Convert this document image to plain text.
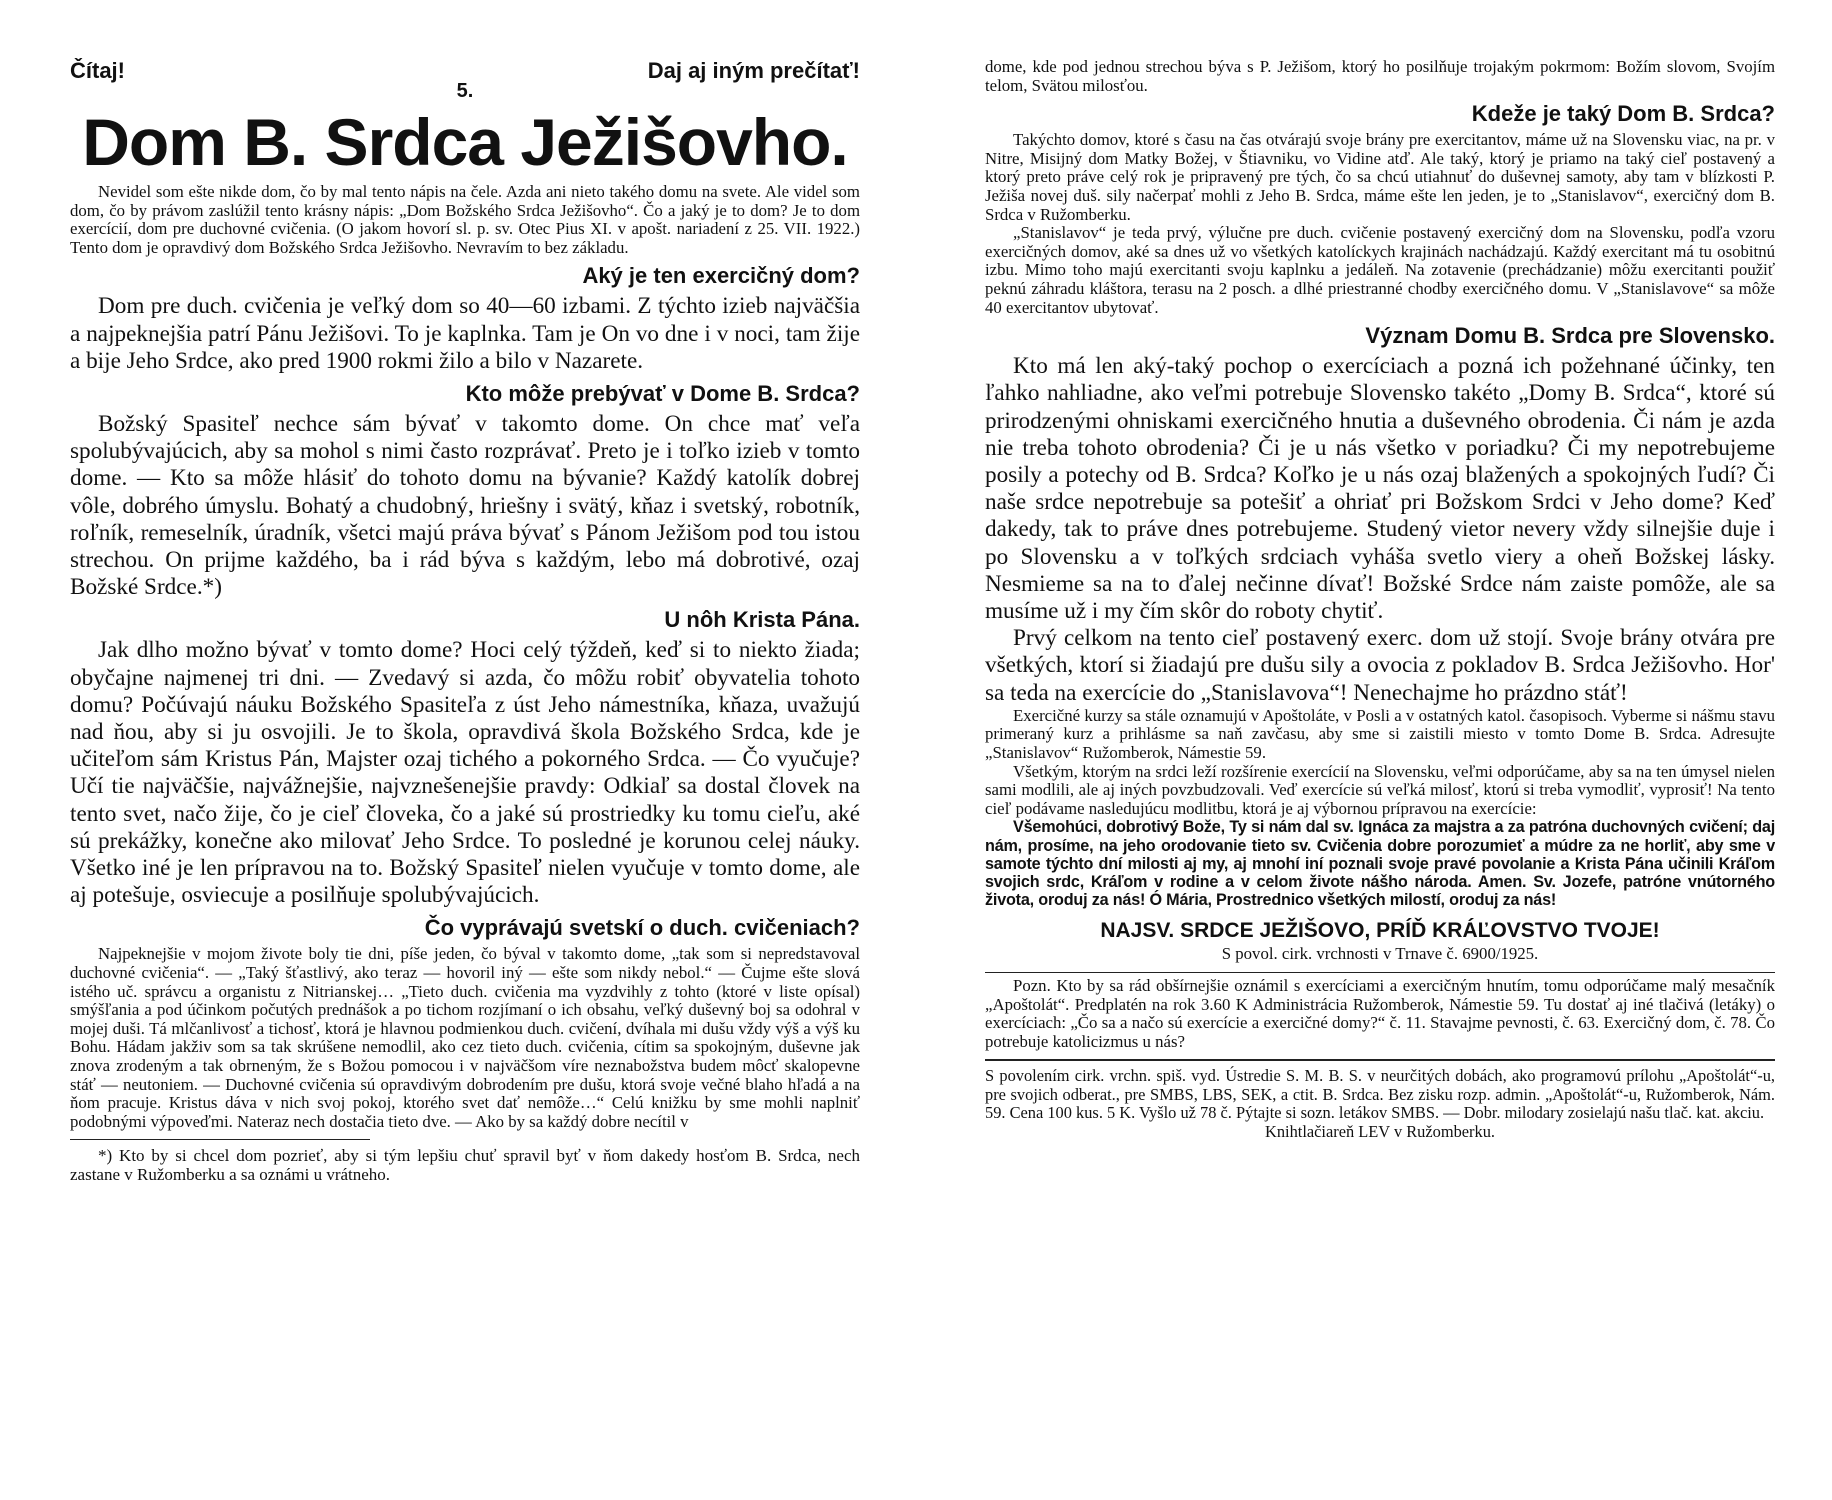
Čítaj!	Daj aj iným prečítať!
5.
Dom B. Srdca Ježišovho.

Nevidel som ešte nikde dom, čo by mal tento nápis na čele. Azda ani nieto takého domu na svete. Ale videl som dom, čo by právom zaslúžil tento krásny nápis: „Dom Božského Srdca Ježišovho“. Čo a jaký je to dom? Je to dom exercícií, dom pre duchovné cvičenia. (O jakom hovorí sl. p. sv. Otec Pius XI. v apošt. nariadení z 25. VII. 1922.) Tento dom je opravdivý dom Božského Srdca Ježišovho. Nevravím to bez základu.

Aký je ten exercičný dom?

Dom pre duch. cvičenia je veľký dom so 40—60 izbami. Z týchto izieb najväčšia a najpeknejšia patrí Pánu Ježišovi. To je kaplnka. Tam je On vo dne i v noci, tam žije a bije Jeho Srdce, ako pred 1900 rokmi žilo a bilo v Nazarete.

Kto môže prebývať v Dome B. Srdca?

Božský Spasiteľ nechce sám bývať v takomto dome. On chce mať veľa spolubývajúcich, aby sa mohol s nimi často rozprávať. Preto je i toľko izieb v tomto dome. — Kto sa môže hlásiť do tohoto domu na bývanie? Každý katolík dobrej vôle, dobrého úmyslu. Bohatý a chudobný, hriešny i svätý, kňaz i svetský, robotník, roľník, remeselník, úradník, všetci majú práva bývať s Pánom Ježišom pod tou istou strechou. On prijme každého, ba i rád býva s každým, lebo má dobrotivé, ozaj Božské Srdce.*)

U nôh Krista Pána.

Jak dlho možno bývať v tomto dome? Hoci celý týždeň, keď si to niekto žiada; obyčajne najmenej tri dni. — Zvedavý si azda, čo môžu robiť obyvatelia tohoto domu? Počúvajú náuku Božského Spasiteľa z úst Jeho námestníka, kňaza, uvažujú nad ňou, aby si ju osvojili. Je to škola, opravdivá škola Božského Srdca, kde je učiteľom sám Kristus Pán, Majster ozaj tichého a pokorného Srdca. — Čo vyučuje? Učí tie najväčšie, najvážnejšie, najvznešenejšie pravdy: Odkiaľ sa dostal človek na tento svet, načo žije, čo je cieľ človeka, čo a jaké sú prostriedky ku tomu cieľu, aké sú prekážky, konečne ako milovať Jeho Srdce. To posledné je korunou celej náuky. Všetko iné je len prípravou na to. Božský Spasiteľ nielen vyučuje v tomto dome, ale aj potešuje, osviecuje a posilňuje spolubývajúcich.

Čo vyprávajú svetskí o duch. cvičeniach?

Najpeknejšie v mojom živote boly tie dni, píše jeden, čo býval v takomto dome, „tak som si nepredstavoval duchovné cvičenia“. — „Taký šťastlivý, ako teraz — hovoril iný — ešte som nikdy nebol.“ — Čujme ešte slová istého uč. správcu a organistu z Nitrianskej… „Tieto duch. cvičenia ma vyzdvihly z tohto (ktoré v liste opísal) smýšľania a pod účinkom počutých prednášok a po tichom rozjímaní o ich obsahu, veľký duševný boj sa odohral v mojej duši. Tá mlčanlivosť a tichosť, ktorá je hlavnou podmienkou duch. cvičení, dvíhala mi dušu vždy výš a výš ku Bohu. Hádam jakživ som sa tak skrúšene nemodlil, ako cez tieto duch. cvičenia, cítim sa spokojným, duševne jak znova zrodeným a tak obrneným, že s Božou pomocou i v najväčšom víre neznabožstva budem môcť skalopevne stáť — neutoniem. — Duchovné cvičenia sú opravdivým dobrodením pre dušu, ktorá svoje večné blaho hľadá a na ňom pracuje. Kristus dáva v nich svoj pokoj, ktorého svet dať nemôže…“ Celú knižku by sme mohli naplniť podobnými výpoveďmi. Nateraz nech dostačia tieto dve. — Ako by sa každý dobre necítil v

*) Kto by si chcel dom pozrieť, aby si tým lepšiu chuť spravil byť v ňom dakedy hosťom B. Srdca, nech zastane v Ružomberku a sa oznámi u vrátneho.

dome, kde pod jednou strechou býva s P. Ježišom, ktorý ho posilňuje trojakým pokrmom: Božím slovom, Svojím telom, Svätou milosťou.

Kdeže je taký Dom B. Srdca?

Takýchto domov, ktoré s času na čas otvárajú svoje brány pre exercitantov, máme už na Slovensku viac, na pr. v Nitre, Misijný dom Matky Božej, v Štiavniku, vo Vidine atď. Ale taký, ktorý je priamo na taký cieľ postavený a ktorý preto práve celý rok je pripravený pre tých, čo sa chcú utiahnuť do duševnej samoty, aby tam v blízkosti P. Ježiša novej duš. sily načerpať mohli z Jeho B. Srdca, máme ešte len jeden, je to „Stanislavov“, exercičný dom B. Srdca v Ružomberku.

„Stanislavov“ je teda prvý, výlučne pre duch. cvičenie postavený exercičný dom na Slovensku, podľa vzoru exercičných domov, aké sa dnes už vo všetkých katolíckych krajinách nachádzajú. Každý exercitant má tu osobitnú izbu. Mimo toho majú exercitanti svoju kaplnku a jedáleň. Na zotavenie (prechádzanie) môžu exercitanti použiť peknú záhradu kláštora, terasu na 2 posch. a dlhé priestranné chodby exercičného domu. V „Stanislavove“ sa môže 40 exercitantov ubytovať.

Význam Domu B. Srdca pre Slovensko.

Kto má len aký-taký pochop o exercíciach a pozná ich požehnané účinky, ten ľahko nahliadne, ako veľmi potrebuje Slovensko takéto „Domy B. Srdca“, ktoré sú prirodzenými ohniskami exercičného hnutia a duševného obrodenia. Či nám je azda nie treba tohoto obrodenia? Či je u nás všetko v poriadku? Či my nepotrebujeme posily a potechy od B. Srdca? Koľko je u nás ozaj blažených a spokojných ľudí? Či naše srdce nepotrebuje sa potešiť a ohriať pri Božskom Srdci v Jeho dome? Keď dakedy, tak to práve dnes potrebujeme. Studený vietor nevery vždy silnejšie duje i po Slovensku a v toľkých srdciach vyháša svetlo viery a oheň Božskej lásky. Nesmieme sa na to ďalej nečinne dívať! Božské Srdce nám zaiste pomôže, ale sa musíme už i my čím skôr do roboty chytiť.

Prvý celkom na tento cieľ postavený exerc. dom už stojí. Svoje brány otvára pre všetkých, ktorí si žiadajú pre dušu sily a ovocia z pokladov B. Srdca Ježišovho. Hor' sa teda na exercície do „Stanislavova“! Nenechajme ho prázdno stáť!

Exercičné kurzy sa stále oznamujú v Apoštoláte, v Posli a v ostatných katol. časopisoch. Vyberme si nášmu stavu primeraný kurz a prihlásme sa naň zavčasu, aby sme si zaistili miesto v tomto Dome B. Srdca. Adresujte „Stanislavov“ Ružomberok, Námestie 59.

Všetkým, ktorým na srdci leží rozšírenie exercícií na Slovensku, veľmi odporúčame, aby sa na ten úmysel nielen sami modlili, ale aj iných povzbudzovali. Veď exercície sú veľká milosť, ktorú si treba vymodliť, vyprosiť! Na tento cieľ podávame nasledujúcu modlitbu, ktorá je aj výbornou prípravou na exercície:

Všemohúci, dobrotivý Bože, Ty si nám dal sv. Ignáca za majstra a za patróna duchovných cvičení; daj nám, prosíme, na jeho orodovanie tieto sv. Cvičenia dobre porozumieť a múdre za ne horliť, aby sme v samote týchto dní milosti aj my, aj mnohí iní poznali svoje pravé povolanie a Krista Pána učinili Kráľom svojich srdc, Kráľom v rodine a v celom živote nášho národa. Amen. Sv. Jozefe, patróne vnútorného života, oroduj za nás! Ó Mária, Prostrednico všetkých milostí, oroduj za nás!

NAJSV. SRDCE JEŽIŠOVO, PRÍĎ KRÁĽOVSTVO TVOJE!

S povol. cirk. vrchnosti v Trnave č. 6900/1925.

Pozn. Kto by sa rád obšírnejšie oznámil s exercíciami a exercičným hnutím, tomu odporúčame malý mesačník „Apoštolát“. Predplatén na rok 3.60 K Administrácia Ružomberok, Námestie 59. Tu dostať aj iné tlačivá (letáky) o exercíciach: „Čo sa a načo sú exercície a exercičné domy?“ č. 11. Stavajme pevnosti, č. 63. Exercičný dom, č. 78. Čo potrebuje katolicizmus u nás?

S povolením cirk. vrchn. spiš. vyd. Ústredie S. M. B. S. v neurčitých dobách, ako programovú prílohu „Apoštolát“-u, pre svojich odberat., pre SMBS, LBS, SEK, a ctit. B. Srdca. Bez zisku rozp. admin. „Apoštolát“-u, Ružomberok, Nám. 59. Cena 100 kus. 5 K. Vyšlo už 78 č. Pýtajte si sozn. letákov SMBS. — Dobr. milodary zosielajú našu tlač. kat. akciu.

Knihtlačiareň LEV v Ružomberku.
